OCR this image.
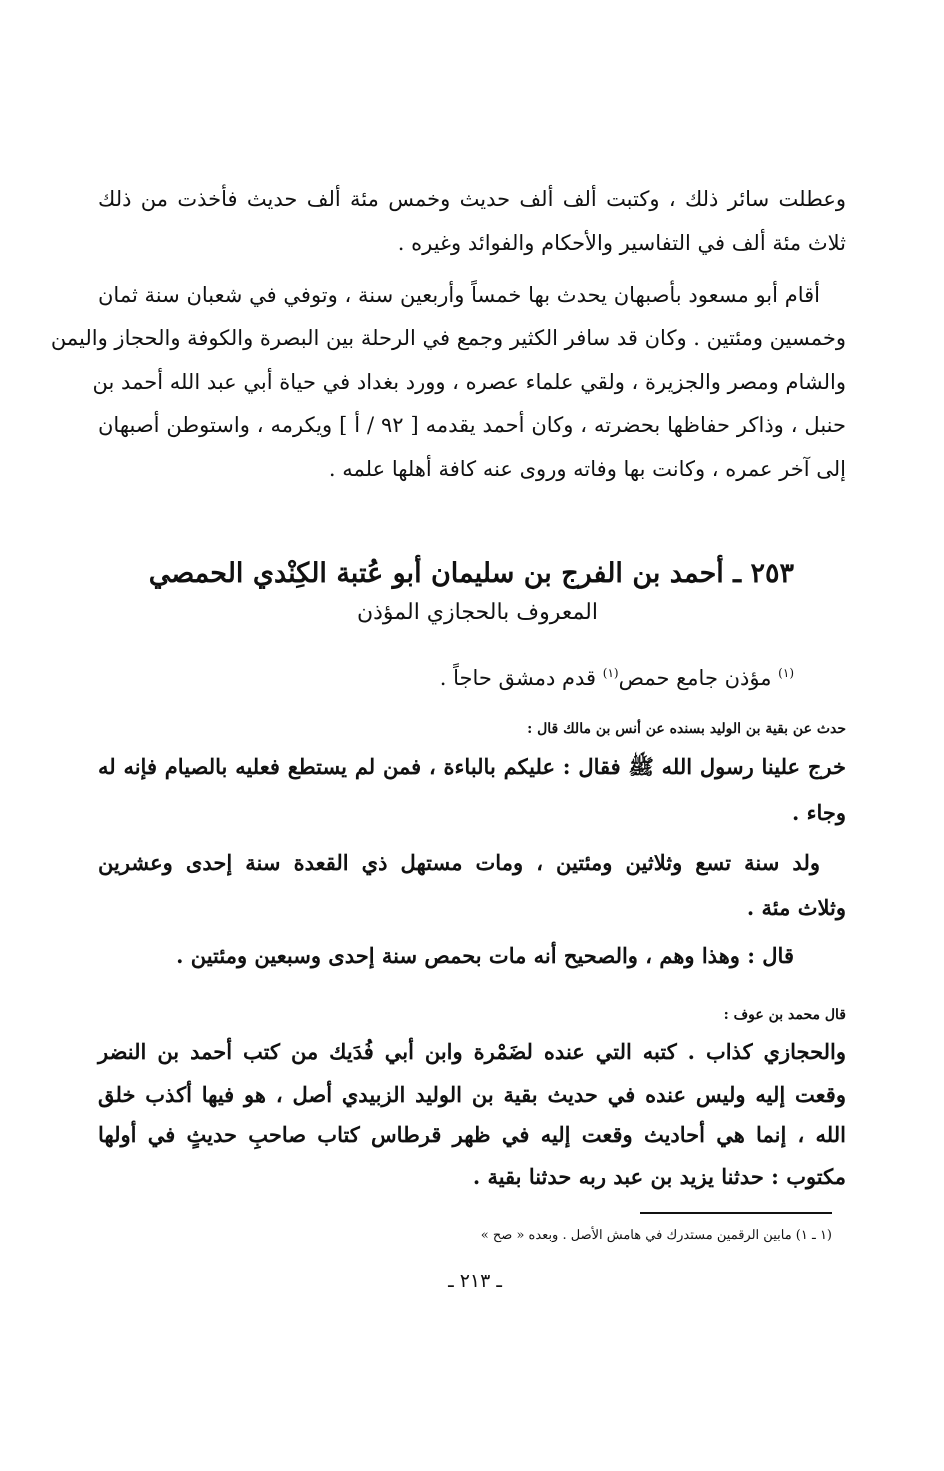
وعطلت سائر ذلك ، وكتبت ألف ألف حديث وخمس مئة ألف حديث فأخذت من ذلك
ثلاث مئة ألف في التفاسير والأحكام والفوائد وغيره .
أقام أبو مسعود بأصبهان يحدث بها خمساً وأربعين سنة ، وتوفي في شعبان سنة ثمان
وخمسين ومئتين . وكان قد سافر الكثير وجمع في الرحلة بين البصرة والكوفة والحجاز واليمن
والشام ومصر والجزيرة ، ولقي علماء عصره ، وورد بغداد في حياة أبي عبد الله أحمد بن
حنبل ، وذاكر حفاظها بحضرته ، وكان أحمد يقدمه [ ٩٢ / أ ] ويكرمه ، واستوطن أصبهان
إلى آخر عمره ، وكانت بها وفاته وروى عنه كافة أهلها علمه .
٢٥٣ ـ أحمد بن الفرج بن سليمان أبو عُتبة الكِنْدي الحمصي
المعروف بالحجازي المؤذن
$^{(١)}$ مؤذن جامع حمص$^{(١)}$ قدم دمشق حاجاً .
حدث عن بقية بن الوليد بسنده عن أنس بن مالك قال :
خرج علينا رسول الله ﷺ فقال : عليكم بالباءة ، فمن لم يستطع فعليه بالصيام فإنه له
وجاء .
ولد سنة تسع وثلاثين ومئتين ، ومات مستهل ذي القعدة سنة إحدى وعشرين
وثلاث مئة .
قال : وهذا وهم ، والصحيح أنه مات بحمص سنة إحدى وسبعين ومئتين .
قال محمد بن عوف :
والحجازي كذاب . كتبه التي عنده لضَمْرة وابن أبي فُدَيك من كتب أحمد بن النضر
وقعت إليه وليس عنده في حديث بقية بن الوليد الزبيدي أصل ، هو فيها أكذب خلق
الله ، إنما هي أحاديث وقعت إليه في ظهر قرطاس كتاب صاحبِ حديثٍ في أولها
مكتوب : حدثنا يزيد بن عبد ربه حدثنا بقية .
(١ ـ ١) مابين الرقمين مستدرك في هامش الأصل . وبعده « صح »
ـ ٢١٣ ـ
